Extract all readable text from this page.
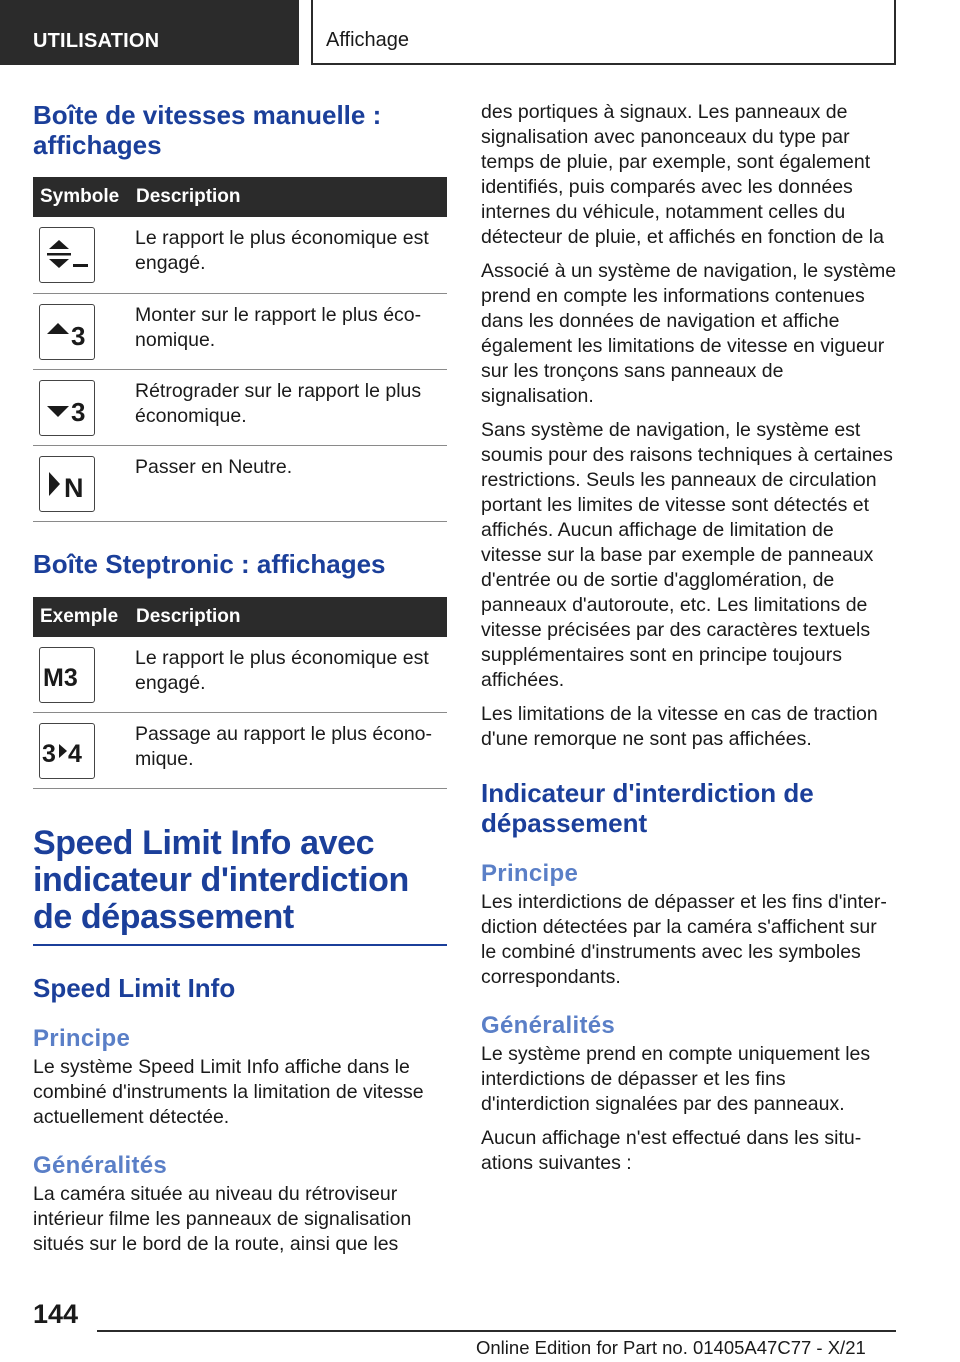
UTILISATION	Affichage
Boîte de vitesses manuelle : affichages
Symbole	Description

	Le rapport le plus économique est engagé.

3	Monter sur le rapport le plus économique.

3	Rétrograder sur le rapport le plus économique.

N	Passer en Neutre.
Boîte Steptronic : affichages
Exemple	Description

M3	Le rapport le plus économique est engagé.

3 4	Passage au rapport le plus économique.
Speed Limit Info avec indicateur d'interdiction de dépassement
Speed Limit Info
Principe

Le système Speed Limit Info affiche dans le combiné d'instruments la limitation de vitesse actuellement détectée.

Généralités

La caméra située au niveau du rétroviseur intérieur filme les panneaux de signalisation situés sur le bord de la route, ainsi que les

des portiques à signaux. Les panneaux de signalisation avec panonceaux du type par temps de pluie, par exemple, sont également identifiés, puis comparés avec les données internes du véhicule, notamment celles du détecteur de pluie, et affichés en fonction de la

Associé à un système de navigation, le système prend en compte les informations contenues dans les données de navigation et affiche également les limitations de vitesse en vigueur sur les tronçons sans panneaux de signalisation.

Sans système de navigation, le système est soumis pour des raisons techniques à certaines restrictions. Seuls les panneaux de circulation portant les limites de vitesse sont détectés et affichés. Aucun affichage de limitation de vitesse sur la base par exemple de panneaux d'entrée ou de sortie d'agglomération, de panneaux d'autoroute, etc. Les limitations de vitesse précisées par des caractères textuels supplémentaires sont en principe toujours affichées.

Les limitations de la vitesse en cas de traction d'une remorque ne sont pas affichées.

Indicateur d'interdiction de dépassement
Principe

Les interdictions de dépasser et les fins d'interdiction détectées par la caméra s'affichent sur le combiné d'instruments avec les symboles correspondants.

Généralités

Le système prend en compte uniquement les interdictions de dépasser et les fins d'interdiction signalées par des panneaux.

Aucun affichage n'est effectué dans les situations suivantes :

144
Online Edition for Part no. 01405A47C77 - X/21
